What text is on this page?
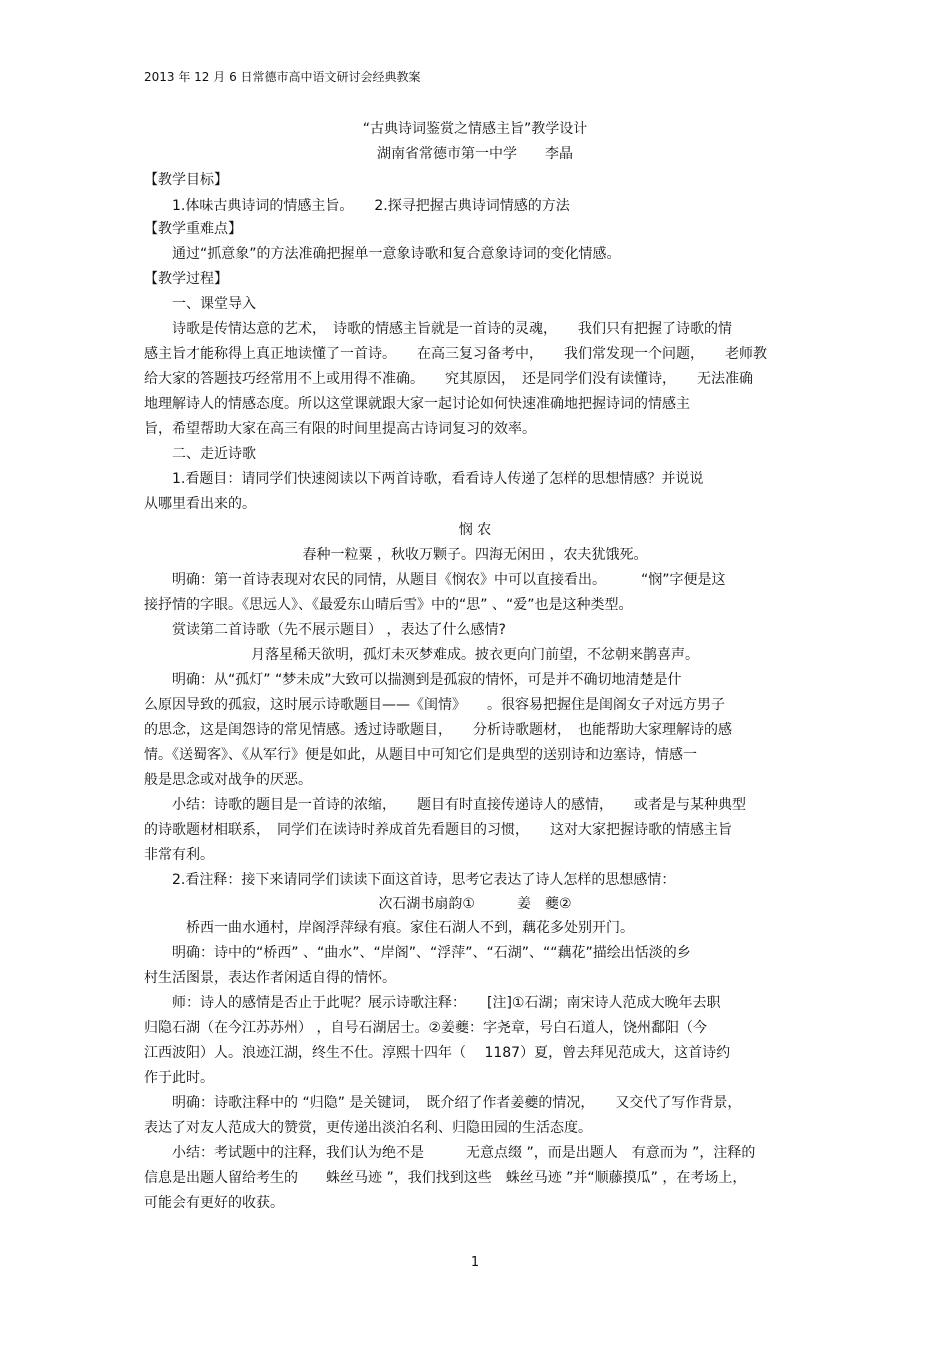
2013 年 12 月 6 日常德市高中语文研讨会经典教案
“古典诗词鉴赏之情感主旨”教学设计
湖南省常德市第一中学　　李晶
【教学目标】
　　1.体味古典诗词的情感主旨。　　2.探寻把握古典诗词情感的方法
【教学重难点】
　　通过“抓意象”的方法准确把握单一意象诗歌和复合意象诗词的变化情感。
【教学过程】
　　一、课堂导入
　　诗歌是传情达意的艺术，　诗歌的情感主旨就是一首诗的灵魂，　　我们只有把握了诗歌的情
感主旨才能称得上真正地读懂了一首诗。　　在高三复习备考中，　　我们常发现一个问题，　　老师教
给大家的答题技巧经常用不上或用得不准确。　　究其原因，　还是同学们没有读懂诗，　　无法准确
地理解诗人的情感态度。所以这堂课就跟大家一起讨论如何快速准确地把握诗词的情感主
旨，希望帮助大家在高三有限的时间里提高古诗词复习的效率。
　　二、走近诗歌
　　1.看题目：请同学们快速阅读以下两首诗歌，看看诗人传递了怎样的思想情感？并说说
从哪里看出来的。
悯 农
春种一粒粟 ，秋收万颗子。四海无闲田 ，农夫犹饿死。
　　明确：第一首诗表现对农民的同情，从题目《悯农》中可以直接看出。　　　“悯”字便是这
接抒情的字眼。《思远人》、《最爱东山晴后雪》中的“思” 、“爱”也是这种类型。
　　赏读第二首诗歌（先不展示题目） ，表达了什么感情?
月落星稀天欲明，孤灯未灭梦难成。披衣更向门前望，不忿朝来鹊喜声。
　　明确：从“孤灯” “梦未成”大致可以揣测到是孤寂的情怀，可是并不确切地清楚是什
么原因导致的孤寂，这时展示诗歌题目——《闺情》　　。很容易把握住是闺阁女子对远方男子
的思念，这是闺怨诗的常见情感。透过诗歌题目，　　分析诗歌题材，　也能帮助大家理解诗的感
情。《送蜀客》、《从军行》便是如此，从题目中可知它们是典型的送别诗和边塞诗，情感一
般是思念或对战争的厌恶。
　　小结：诗歌的题目是一首诗的浓缩，　　题目有时直接传递诗人的感情，　　或者是与某种典型
的诗歌题材相联系，　同学们在读诗时养成首先看题目的习惯，　　这对大家把握诗歌的情感主旨
非常有利。
　　2.看注释：接下来请同学们读读下面这首诗，思考它表达了诗人怎样的思想感情：
次石湖书扇韵①　　　姜　夔②
　　　桥西一曲水通村，岸阁浮萍绿有痕。家住石湖人不到，藕花多处别开门。
　　明确：诗中的“桥西” 、“曲水”、“岸阁”、“浮萍”、“石湖”、““藕花”描绘出恬淡的乡
村生活图景，表达作者闲适自得的情怀。
　　师：诗人的感情是否止于此呢？展示诗歌注释：　　[注]①石湖；南宋诗人范成大晚年去职
归隐石湖（在今江苏苏州） ，自号石湖居士。②姜夔：字尧章，号白石道人，饶州鄱阳（今
江西波阳）人。浪迹江湖，终生不仕。淳熙十四年（ 　1187）夏，曾去拜见范成大，这首诗约
作于此时。
　　明确：诗歌注释中的 “归隐” 是关键词，　既介绍了作者姜夔的情况，　　又交代了写作背景，
表达了对友人范成大的赞赏，更传递出淡泊名利、归隐田园的生活态度。
　　小结：考试题中的注释，我们认为绝不是　　　无意点缀 ”，而是出题人　有意而为 ”，注释的
信息是出题人留给考生的　　蛛丝马迹 ”，我们找到这些　蛛丝马迹 ”并“顺藤摸瓜” ，在考场上，
可能会有更好的收获。
1
